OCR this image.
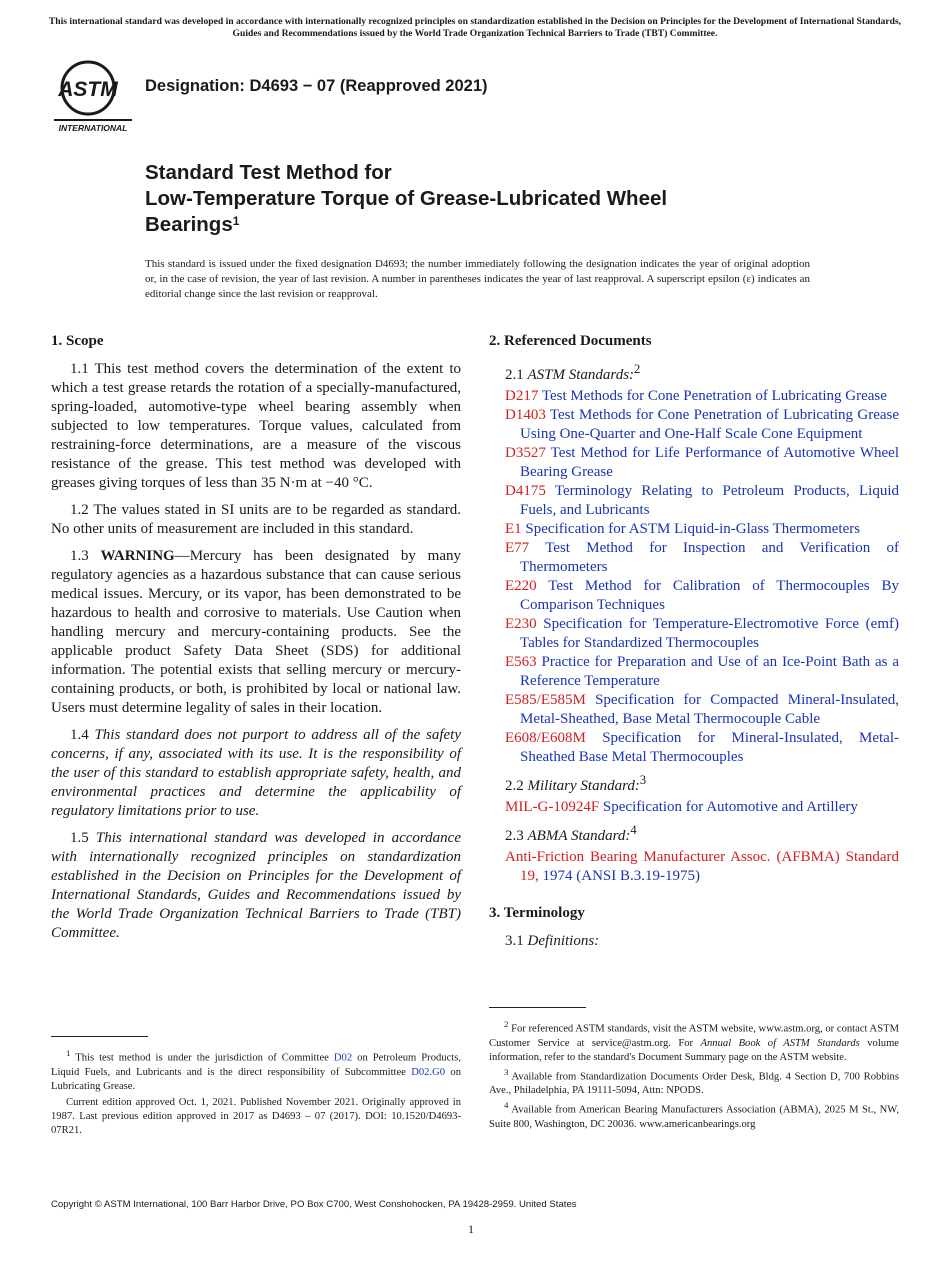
This international standard was developed in accordance with internationally recognized principles on standardization established in the Decision on Principles for the Development of International Standards, Guides and Recommendations issued by the World Trade Organization Technical Barriers to Trade (TBT) Committee.
ASTM
INTERNATIONAL
Designation: D4693 − 07 (Reapproved 2021)
Standard Test Method for
Low-Temperature Torque of Grease-Lubricated Wheel
Bearings$^1$
This standard is issued under the fixed designation D4693; the number immediately following the designation indicates the year of original adoption or, in the case of revision, the year of last revision. A number in parentheses indicates the year of last reapproval. A superscript epsilon (ε) indicates an editorial change since the last revision or reapproval.
1. Scope

1.1 This test method covers the determination of the extent to which a test grease retards the rotation of a specially-manufactured, spring-loaded, automotive-type wheel bearing assembly when subjected to low temperatures. Torque values, calculated from restraining-force determinations, are a measure of the viscous resistance of the grease. This test method was developed with greases giving torques of less than 35 N·m at −40 °C.

1.2 The values stated in SI units are to be regarded as standard. No other units of measurement are included in this standard.

1.3 WARNING—Mercury has been designated by many regulatory agencies as a hazardous substance that can cause serious medical issues. Mercury, or its vapor, has been demonstrated to be hazardous to health and corrosive to materials. Use Caution when handling mercury and mercury-containing products. See the applicable product Safety Data Sheet (SDS) for additional information. The potential exists that selling mercury or mercury-containing products, or both, is prohibited by local or national law. Users must determine legality of sales in their location.

1.4 This standard does not purport to address all of the safety concerns, if any, associated with its use. It is the responsibility of the user of this standard to establish appropriate safety, health, and environmental practices and determine the applicability of regulatory limitations prior to use.

1.5 This international standard was developed in accordance with internationally recognized principles on standardization established in the Decision on Principles for the Development of International Standards, Guides and Recommendations issued by the World Trade Organization Technical Barriers to Trade (TBT) Committee.

2. Referenced Documents
2.1 ASTM Standards:$^2$
D217 Test Methods for Cone Penetration of Lubricating Grease
D1403 Test Methods for Cone Penetration of Lubricating Grease Using One-Quarter and One-Half Scale Cone Equipment
D3527 Test Method for Life Performance of Automotive Wheel Bearing Grease
D4175 Terminology Relating to Petroleum Products, Liquid Fuels, and Lubricants
E1 Specification for ASTM Liquid-in-Glass Thermometers
E77 Test Method for Inspection and Verification of Thermometers
E220 Test Method for Calibration of Thermocouples By Comparison Techniques
E230 Specification for Temperature-Electromotive Force (emf) Tables for Standardized Thermocouples
E563 Practice for Preparation and Use of an Ice-Point Bath as a Reference Temperature
E585/E585M Specification for Compacted Mineral-Insulated, Metal-Sheathed, Base Metal Thermocouple Cable
E608/E608M Specification for Mineral-Insulated, Metal-Sheathed Base Metal Thermocouples
2.2 Military Standard:$^3$
MIL-G-10924F Specification for Automotive and Artillery
2.3 ABMA Standard:$^4$
Anti-Friction Bearing Manufacturer Assoc. (AFBMA) Standard 19, 1974 (ANSI B.3.19-1975)
3. Terminology
3.1 Definitions:

$^1$ This test method is under the jurisdiction of Committee D02 on Petroleum Products, Liquid Fuels, and Lubricants and is the direct responsibility of Subcommittee D02.G0 on Lubricating Grease.

Current edition approved Oct. 1, 2021. Published November 2021. Originally approved in 1987. Last previous edition approved in 2017 as D4693 – 07 (2017). DOI: 10.1520/D4693-07R21.

$^2$ For referenced ASTM standards, visit the ASTM website, www.astm.org, or contact ASTM Customer Service at service@astm.org. For Annual Book of ASTM Standards volume information, refer to the standard's Document Summary page on the ASTM website.

$^3$ Available from Standardization Documents Order Desk, Bldg. 4 Section D, 700 Robbins Ave., Philadelphia, PA 19111-5094, Attn: NPODS.

$^4$ Available from American Bearing Manufacturers Association (ABMA), 2025 M St., NW, Suite 800, Washington, DC 20036. www.americanbearings.org

Copyright © ASTM International, 100 Barr Harbor Drive, PO Box C700, West Conshohocken, PA 19428-2959. United States
1
